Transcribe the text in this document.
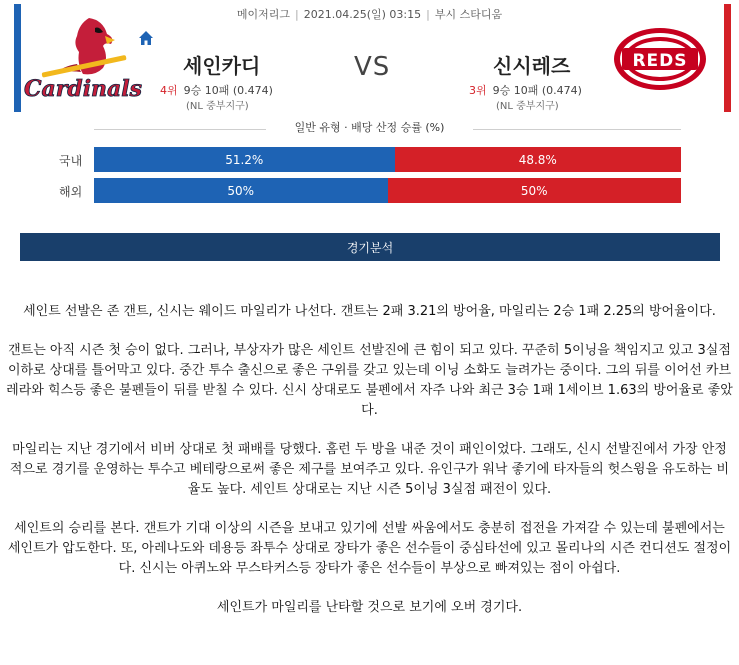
메이저리그 | 2021.04.25(일) 03:15 | 부시 스타디움
Cardinals
REDS
세인카디	VS	신시레즈
4위 9승 10패 (0.474)	3위 9승 10패 (0.474)
(NL 중부지구)	(NL 중부지구)
일반 유형 · 배당 산정 승률 (%)
국내	51.2%	48.8%
해외	50%	50%
경기분석

세인트 선발은 존 갠트, 신시는 웨이드 마일리가 나선다. 갠트는 2패 3.21의 방어율, 마일리는 2승 1패 2.25의 방어율이다.

갠트는 아직 시즌 첫 승이 없다. 그러나, 부상자가 많은 세인트 선발진에 큰 힘이 되고 있다. 꾸준히 5이닝을 책임지고 있고 3실점 이하로 상대를 틀어막고 있다. 중간 투수 출신으로 좋은 구위를 갖고 있는데 이닝 소화도 늘려가는 중이다. 그의 뒤를 이어선 카브레라와 힉스등 좋은 불펜들이 뒤를 받칠 수 있다. 신시 상대로도 불펜에서 자주 나와 최근 3승 1패 1세이브 1.63의 방어율로 좋았다.

마일리는 지난 경기에서 비버 상대로 첫 패배를 당했다. 홈런 두 방을 내준 것이 패인이었다. 그래도, 신시 선발진에서 가장 안정적으로 경기를 운영하는 투수고 베테랑으로써 좋은 제구를 보여주고 있다. 유인구가 워낙 좋기에 타자들의 헛스윙을 유도하는 비율도 높다. 세인트 상대로는 지난 시즌 5이닝 3실점 패전이 있다.

세인트의 승리를 본다. 갠트가 기대 이상의 시즌을 보내고 있기에 선발 싸움에서도 충분히 접전을 가져갈 수 있는데 불펜에서는 세인트가 압도한다. 또, 아레나도와 데용등 좌투수 상대로 장타가 좋은 선수들이 중심타선에 있고 몰리나의 시즌 컨디션도 절정이다. 신시는 아퀴노와 무스타커스등 장타가 좋은 선수들이 부상으로 빠져있는 점이 아쉽다.

세인트가 마일리를 난타할 것으로 보기에 오버 경기다.
